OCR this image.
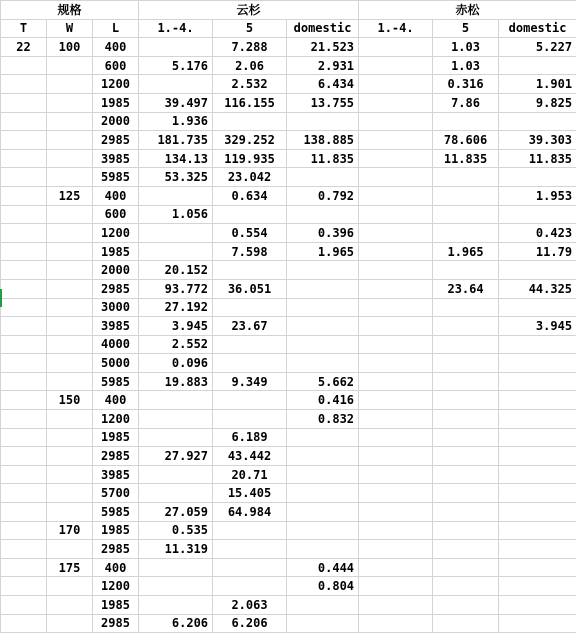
规格			云杉			赤松		
T	W	L	1.-4.	5	domestic	1.-4.	5	domestic
22	100	400		7.288	21.523		1.03	5.227
		600	5.176	2.06	2.931		1.03	
		1200		2.532	6.434		0.316	1.901
		1985	39.497	116.155	13.755		7.86	9.825
		2000	1.936					
		2985	181.735	329.252	138.885		78.606	39.303
		3985	134.13	119.935	11.835		11.835	11.835
		5985	53.325	23.042				
	125	400		0.634	0.792			1.953
		600	1.056					
		1200		0.554	0.396			0.423
		1985		7.598	1.965		1.965	11.79
		2000	20.152					
		2985	93.772	36.051			23.64	44.325
		3000	27.192					
		3985	3.945	23.67				3.945
		4000	2.552					
		5000	0.096					
		5985	19.883	9.349	5.662			
	150	400			0.416			
		1200			0.832			
		1985		6.189				
		2985	27.927	43.442				
		3985		20.71				
		5700		15.405				
		5985	27.059	64.984				
	170	1985	0.535					
		2985	11.319					
	175	400			0.444			
		1200			0.804			
		1985		2.063				
		2985	6.206	6.206				
